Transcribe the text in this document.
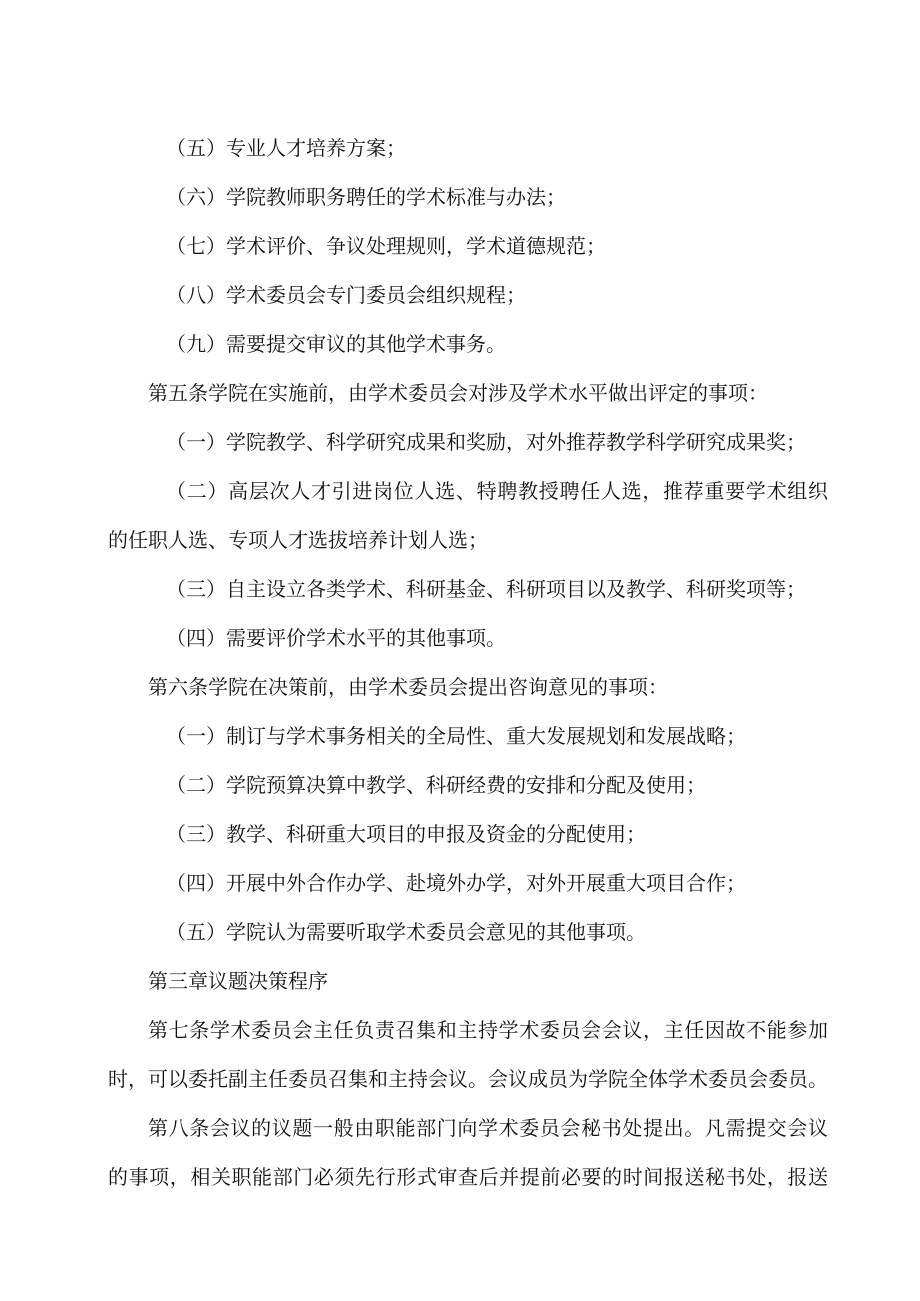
（五）专业人才培养方案；
（六）学院教师职务聘任的学术标准与办法；
（七）学术评价、争议处理规则，学术道德规范；
（八）学术委员会专门委员会组织规程；
（九）需要提交审议的其他学术事务。
第五条学院在实施前，由学术委员会对涉及学术水平做出评定的事项：
（一）学院教学、科学研究成果和奖励，对外推荐教学科学研究成果奖；
（二）高层次人才引进岗位人选、特聘教授聘任人选，推荐重要学术组织
的任职人选、专项人才选拔培养计划人选；
（三）自主设立各类学术、科研基金、科研项目以及教学、科研奖项等；
（四）需要评价学术水平的其他事项。
第六条学院在决策前，由学术委员会提出咨询意见的事项：
（一）制订与学术事务相关的全局性、重大发展规划和发展战略；
（二）学院预算决算中教学、科研经费的安排和分配及使用；
（三）教学、科研重大项目的申报及资金的分配使用；
（四）开展中外合作办学、赴境外办学，对外开展重大项目合作；
（五）学院认为需要听取学术委员会意见的其他事项。
第三章议题决策程序
第七条学术委员会主任负责召集和主持学术委员会会议，主任因故不能参加
时，可以委托副主任委员召集和主持会议。会议成员为学院全体学术委员会委员。
第八条会议的议题一般由职能部门向学术委员会秘书处提出。凡需提交会议
的事项，相关职能部门必须先行形式审查后并提前必要的时间报送秘书处，报送
